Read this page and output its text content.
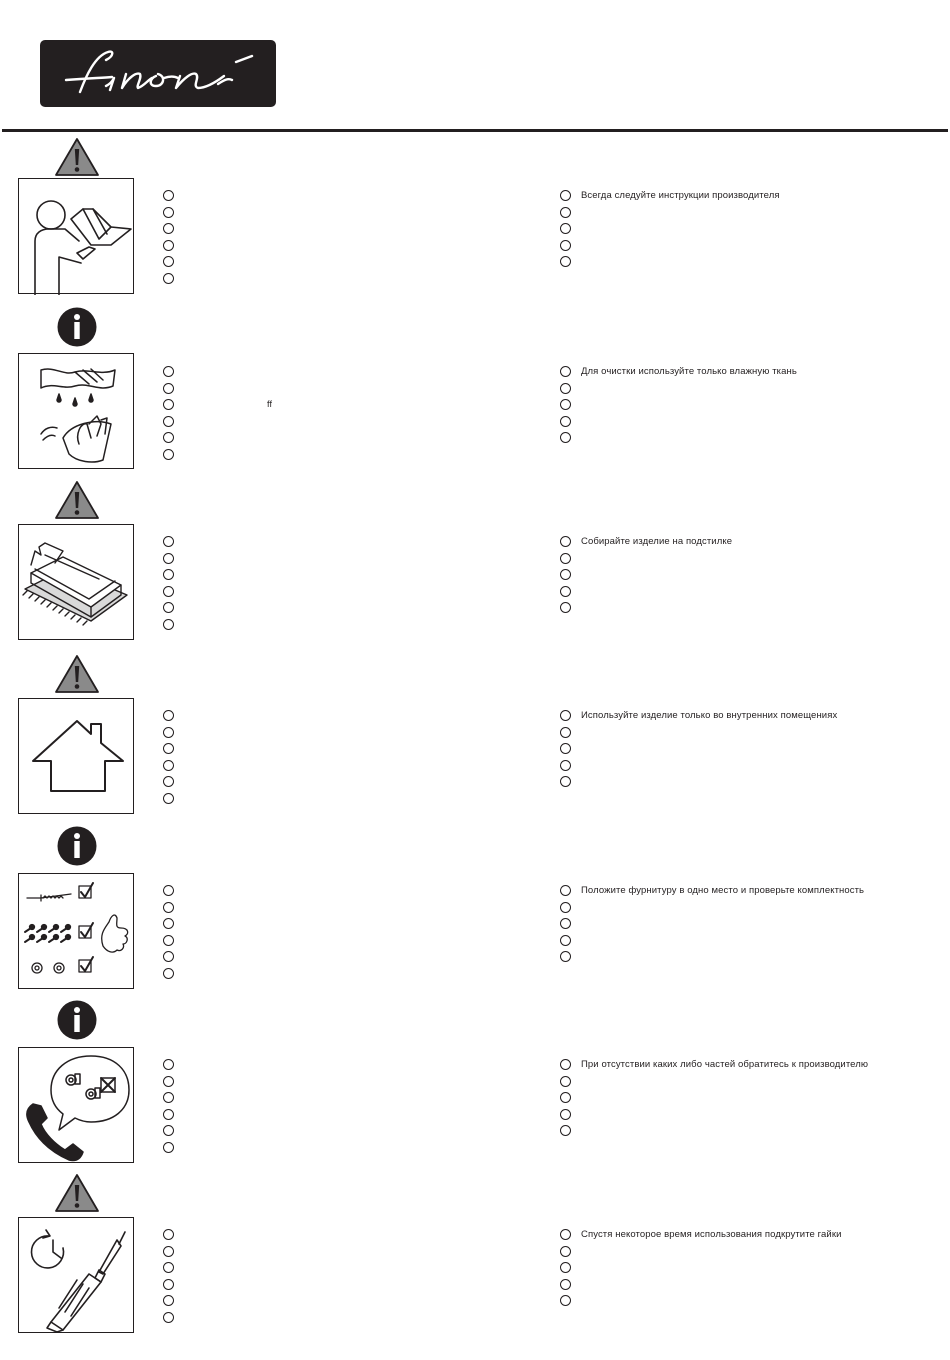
Всегда следуйте инструкции производителя
ff
Для очистки используйте только влажную ткань
Собирайте изделие на подстилке
Используйте изделие только во внутренних помещениях
Положите фурнитуру в одно место и проверьте комплектность
При отсутствии каких либо частей обратитесь к производителю
Спустя некоторое время использования подкрутите гайки
